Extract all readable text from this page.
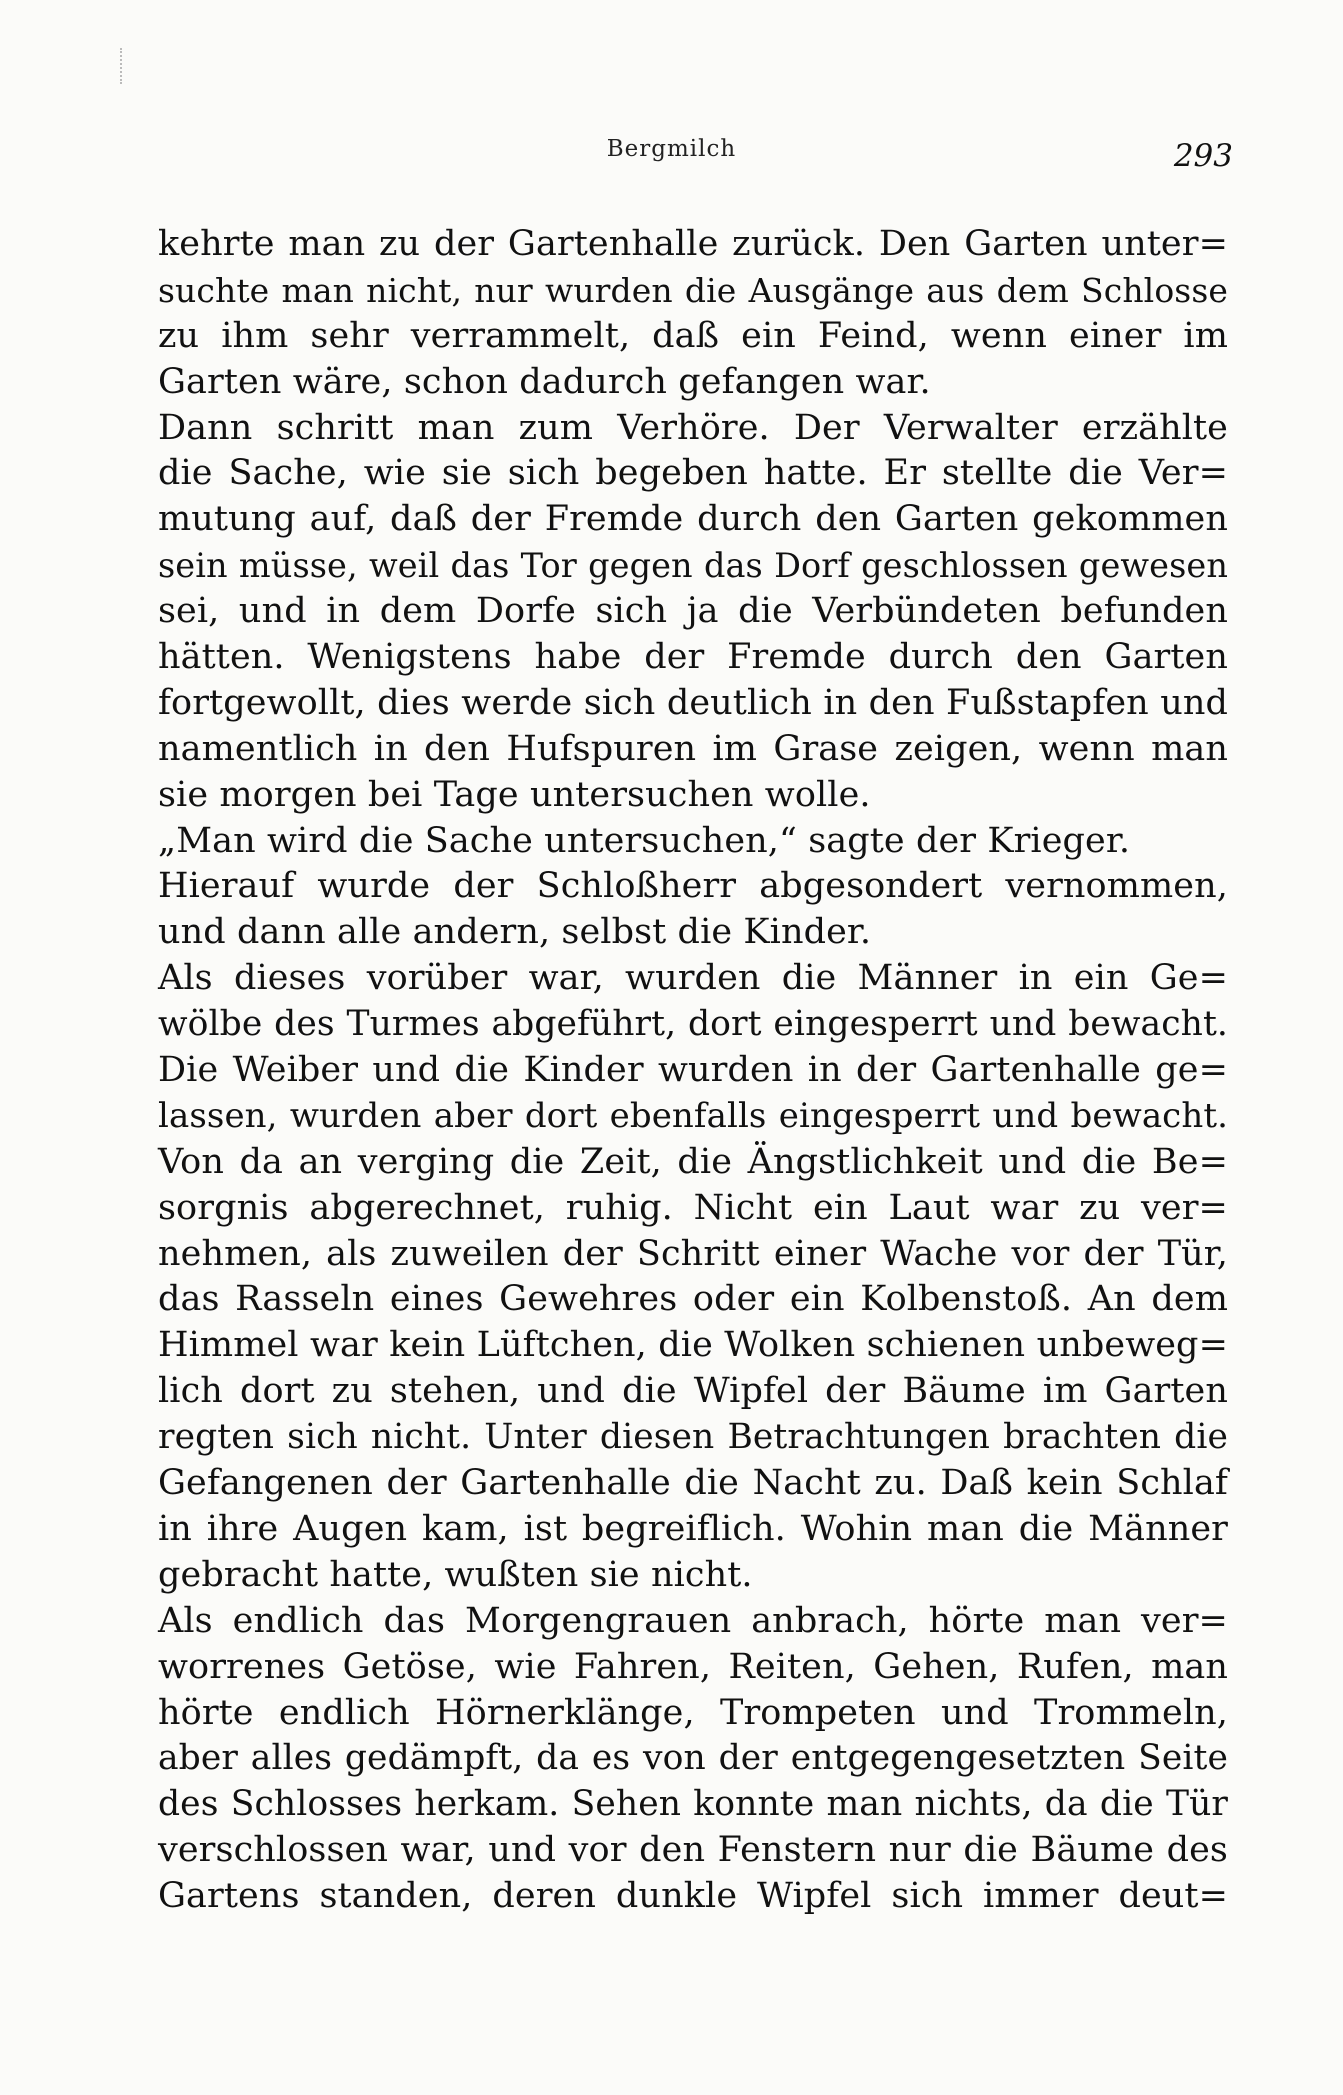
Bergmilch	293
kehrte man zu der Gartenhalle zurück. Den Garten unter=
suchte man nicht, nur wurden die Ausgänge aus dem Schlosse
zu ihm sehr verrammelt, daß ein Feind, wenn einer im
Garten wäre, schon dadurch gefangen war.
Dann schritt man zum Verhöre. Der Verwalter erzählte
die Sache, wie sie sich begeben hatte. Er stellte die Ver=
mutung auf, daß der Fremde durch den Garten gekommen
sein müsse, weil das Tor gegen das Dorf geschlossen gewesen
sei, und in dem Dorfe sich ja die Verbündeten befunden
hätten. Wenigstens habe der Fremde durch den Garten
fortgewollt, dies werde sich deutlich in den Fußstapfen und
namentlich in den Hufspuren im Grase zeigen, wenn man
sie morgen bei Tage untersuchen wolle.
„Man wird die Sache untersuchen,“ sagte der Krieger.
Hierauf wurde der Schloßherr abgesondert vernommen,
und dann alle andern, selbst die Kinder.
Als dieses vorüber war, wurden die Männer in ein Ge=
wölbe des Turmes abgeführt, dort eingesperrt und bewacht.
Die Weiber und die Kinder wurden in der Gartenhalle ge=
lassen, wurden aber dort ebenfalls eingesperrt und bewacht.
Von da an verging die Zeit, die Ängstlichkeit und die Be=
sorgnis abgerechnet, ruhig. Nicht ein Laut war zu ver=
nehmen, als zuweilen der Schritt einer Wache vor der Tür,
das Rasseln eines Gewehres oder ein Kolbenstoß. An dem
Himmel war kein Lüftchen, die Wolken schienen unbeweg=
lich dort zu stehen, und die Wipfel der Bäume im Garten
regten sich nicht. Unter diesen Betrachtungen brachten die
Gefangenen der Gartenhalle die Nacht zu. Daß kein Schlaf
in ihre Augen kam, ist begreiflich. Wohin man die Männer
gebracht hatte, wußten sie nicht.
Als endlich das Morgengrauen anbrach, hörte man ver=
worrenes Getöse, wie Fahren, Reiten, Gehen, Rufen, man
hörte endlich Hörnerklänge, Trompeten und Trommeln,
aber alles gedämpft, da es von der entgegengesetzten Seite
des Schlosses herkam. Sehen konnte man nichts, da die Tür
verschlossen war, und vor den Fenstern nur die Bäume des
Gartens standen, deren dunkle Wipfel sich immer deut=
